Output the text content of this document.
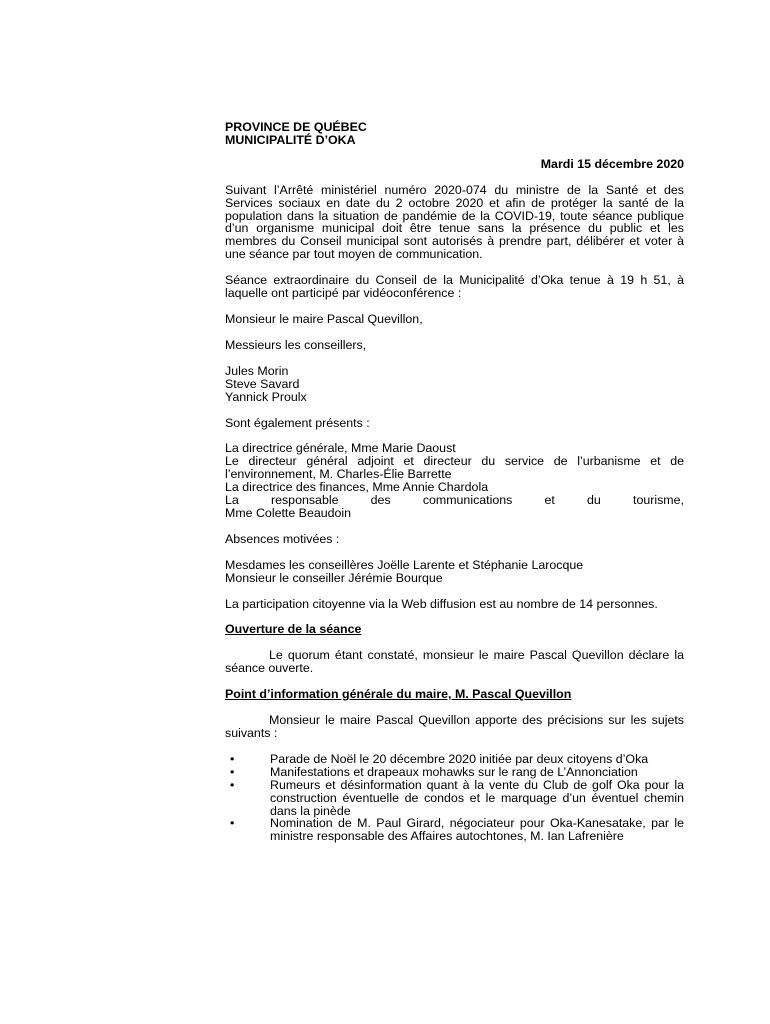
PROVINCE DE QUÉBEC

MUNICIPALITÉ D’OKA

Mardi 15 décembre 2020

Suivant l’Arrêté ministériel numéro 2020-074 du ministre de la Santé et des Services sociaux en date du 2 octobre 2020 et afin de protéger la santé de la population dans la situation de pandémie de la COVID-19, toute séance publique d’un organisme municipal doit être tenue sans la présence du public et les membres du Conseil municipal sont autorisés à prendre part, délibérer et voter à une séance par tout moyen de communication.

Séance extraordinaire du Conseil de la Municipalité d’Oka tenue à 19 h 51, à laquelle ont participé par vidéoconférence :

Monsieur le maire Pascal Quevillon,

Messieurs les conseillers,

Jules Morin

Steve Savard

Yannick Proulx

Sont également présents :

La directrice générale, Mme Marie Daoust

Le directeur général adjoint et directeur du service de l’urbanisme et de l’environnement, M. Charles-Élie Barrette

La directrice des finances, Mme Annie Chardola

La	responsable	des	communications	et	du	tourisme,

Mme Colette Beaudoin

Absences motivées :

Mesdames les conseillères Joëlle Larente et Stéphanie Larocque

Monsieur le conseiller Jérémie Bourque

La participation citoyenne via la Web diffusion est au nombre de 14 personnes.

Ouverture de la séance

Le quorum étant constaté, monsieur le maire Pascal Quevillon déclare la séance ouverte.

Point d’information générale du maire, M. Pascal Quevillon

Monsieur le maire Pascal Quevillon apporte des précisions sur les sujets suivants :

•	Parade de Noël le 20 décembre 2020 initiée par deux citoyens d’Oka
•	Manifestations et drapeaux mohawks sur le rang de L’Annonciation
•	Rumeurs et désinformation quant à la vente du Club de golf Oka pour la construction éventuelle de condos et le marquage d’un éventuel chemin dans la pinède
•	Nomination de M. Paul Girard, négociateur pour Oka-Kanesatake, par le ministre responsable des Affaires autochtones, M. Ian Lafrenière
